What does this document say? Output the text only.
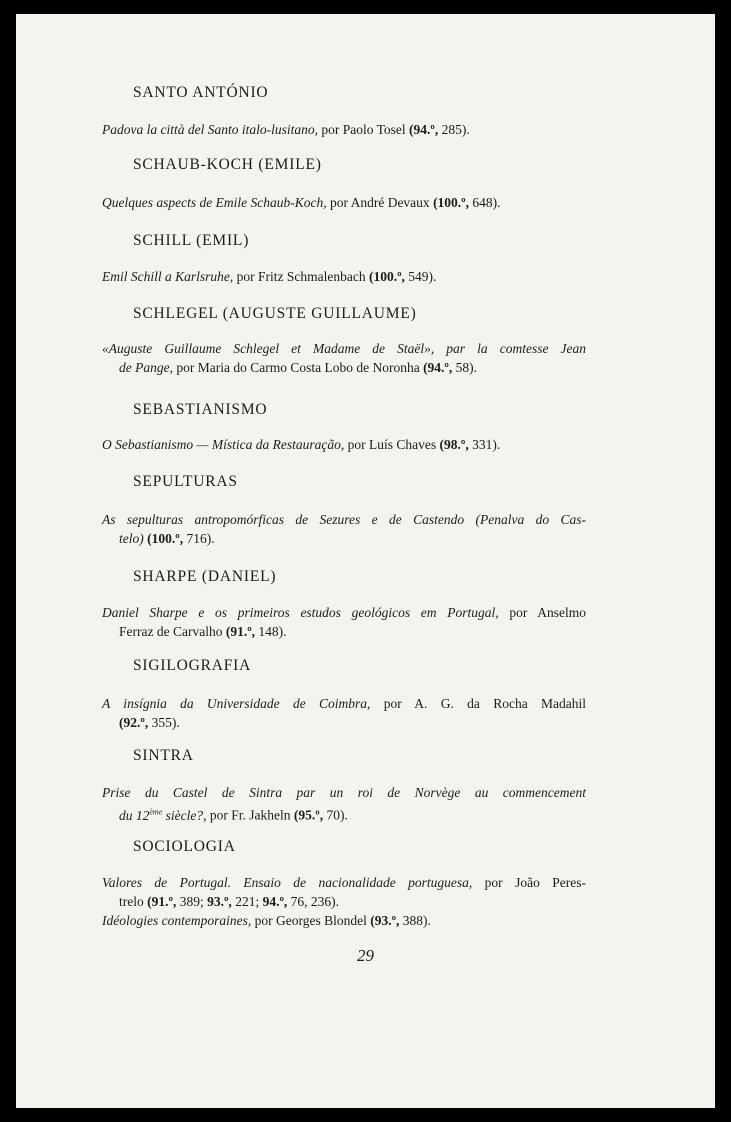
SANTO ANTÓNIO
Padova la città del Santo italo-lusitano, por Paolo Tosel (94.º, 285).
SCHAUB-KOCH (EMILE)
Quelques aspects de Emile Schaub-Koch, por André Devaux (100.º, 648).
SCHILL (EMIL)
Emil Schill a Karlsruhe, por Fritz Schmalenbach (100.º, 549).
SCHLEGEL (AUGUSTE GUILLAUME)
«Auguste Guillaume Schlegel et Madame de Staël», par la comtesse Jean
de Pange, por Maria do Carmo Costa Lobo de Noronha (94.º, 58).
SEBASTIANISMO
O Sebastianismo — Mística da Restauração, por Luís Chaves (98.º, 331).
SEPULTURAS
As sepulturas antropomórficas de Sezures e de Castendo (Penalva do Cas-
telo) (100.º, 716).
SHARPE (DANIEL)
Daniel Sharpe e os primeiros estudos geológicos em Portugal, por Anselmo
Ferraz de Carvalho (91.º, 148).
SIGILOGRAFIA
A insígnia da Universidade de Coimbra, por A. G. da Rocha Madahil
(92.º, 355).
SINTRA
Prise du Castel de Sintra par un roi de Norvège au commencement
du 12ème siècle?, por Fr. Jakheln (95.º, 70).
SOCIOLOGIA
Valores de Portugal. Ensaio de nacionalidade portuguesa, por João Peres-
trelo (91.º, 389; 93.º, 221; 94.º, 76, 236).
Idéologies contemporaines, por Georges Blondel (93.º, 388).
29
